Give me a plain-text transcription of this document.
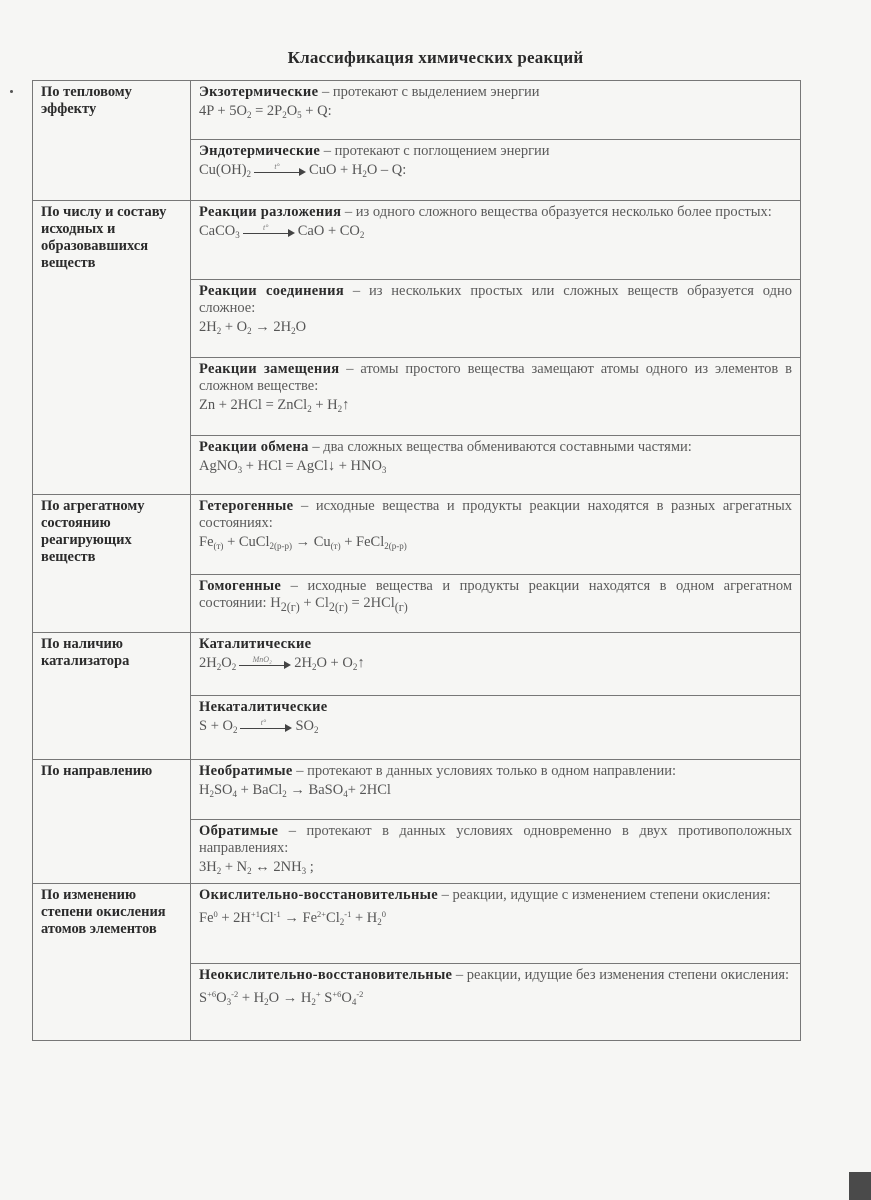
Классификация химических реакций
По тепловому эффекту	Экзотермические – протекают с выделением энергии
$4P + 5O_2 = 2P_2O_5 + Q$:

	Эндотермические – протекают с поглощением энергии
$Cu(OH)_2$
t° CuO + $H_2O$ – Q:

По числу и составу исходных и образовавшихся веществ	Реакции разложения – из одного сложного вещества образуется несколько более простых:
CaCO$_3$
t° CaO + $CO_2$

	Реакции соединения – из нескольких простых или сложных веществ образуется одно сложное:
$2H_2 + O_2 \to 2H_2O$

	Реакции замещения – атомы простого вещества замещают атомы одного из элементов в сложном веществе:
Zn + 2HCl = ZnCl$_2$ + $H_2↑$

	Реакции обмена – два сложных вещества обмениваются составными частями:
AgNO$_3$ + HCl = AgCl↓ + $HNO_3$

По агрегатному состоянию реагирующих веществ	Гетерогенные – исходные вещества и продукты реакции находятся в разных агрегатных состояниях:
$Fe_{(т)}$ + CuCl$_{2(р-р)}$ → $Cu_{(т)}$ + FeCl$_{2(р-р)}$

	Гомогенные – исходные вещества и продукты реакции находятся в одном агрегатном состоянии: $H_{2(г)} + Cl_{2(г)} = 2HCl_{(г)}$
По наличию катализатора	Каталитические
$2H_2O_2$
MnO₂ $2H_2O$ + $O_2↑$

	Некаталитические
$S + O_2$
t° $SO_2$

По направлению	Необратимые – протекают в данных условиях только в одном направлении:
$H_2SO_4$ + BaCl$_2$ → BaSO$_4$+ 2HCl

	Обратимые – протекают в данных условиях одновременно в двух противоположных направлениях:
$3H_2 + N_2$ ↔ $2NH_3$ ;

По изменению степени окисления атомов элементов	Окислительно-восстановительные – реакции, идущие с изменением степени окисления:
$Fe^0 + 2H^{+1}Cl^{-1} \to Fe^{2+}Cl_2^{-1} + H_2^0$

	Неокислительно-восстановительные – реакции, идущие без изменения степени окисления:
$S^{+6}O_3^{-2} + H_2O \to H_2^+$ $S^{+6}O_4^{-2}$
